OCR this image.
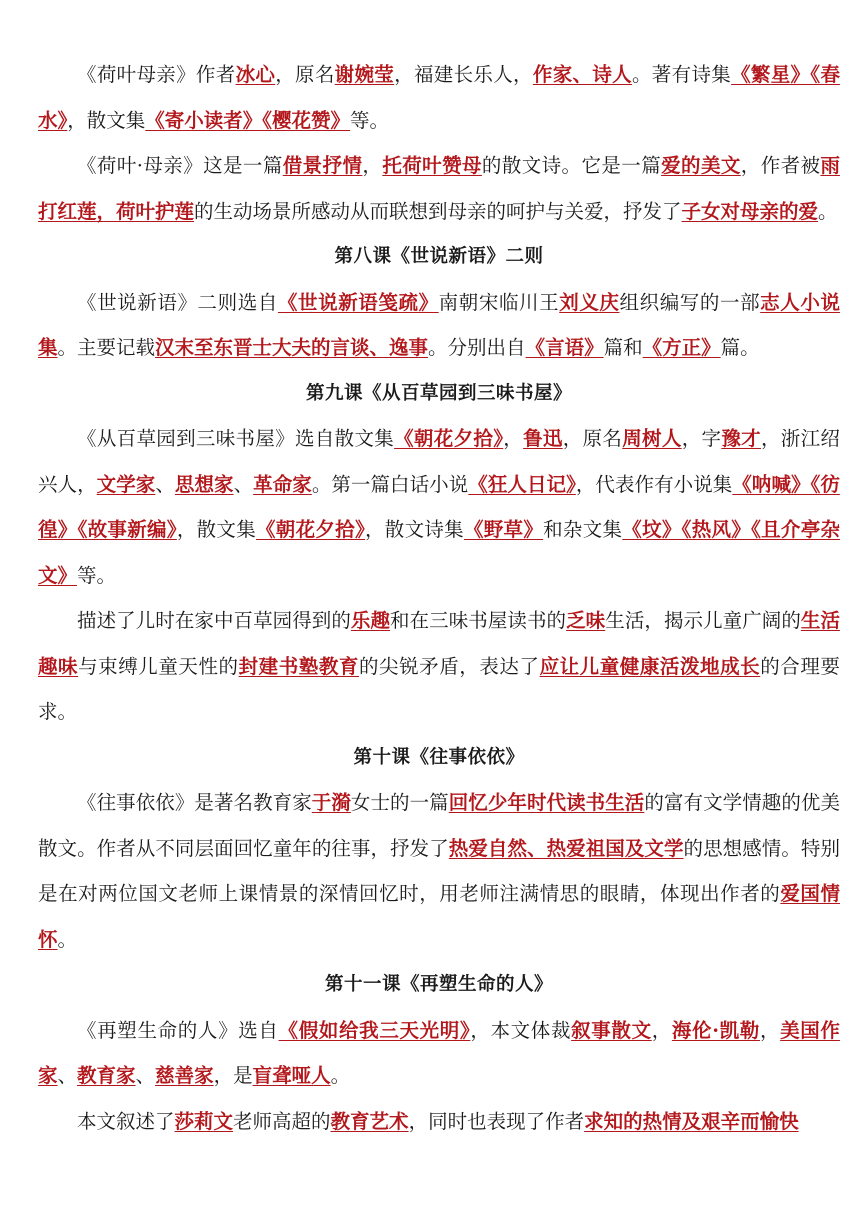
《荷叶母亲》作者冰心，原名谢婉莹，福建长乐人，作家、诗人。著有诗集《繁星》《春水》，散文集《寄小读者》《樱花赞》等。

《荷叶·母亲》这是一篇借景抒情，托荷叶赞母的散文诗。它是一篇爱的美文，作者被雨打红莲，荷叶护莲的生动场景所感动从而联想到母亲的呵护与关爱，抒发了子女对母亲的爱。

第八课《世说新语》二则

《世说新语》二则选自《世说新语笺疏》南朝宋临川王刘义庆组织编写的一部志人小说集。主要记载汉末至东晋士大夫的言谈、逸事。分别出自《言语》篇和《方正》篇。

第九课《从百草园到三味书屋》

《从百草园到三味书屋》选自散文集《朝花夕拾》，鲁迅，原名周树人，字豫才，浙江绍兴人，文学家、思想家、革命家。第一篇白话小说《狂人日记》，代表作有小说集《呐喊》《彷徨》《故事新编》，散文集《朝花夕拾》，散文诗集《野草》和杂文集《坟》《热风》《且介亭杂文》等。

描述了儿时在家中百草园得到的乐趣和在三味书屋读书的乏味生活，揭示儿童广阔的生活趣味与束缚儿童天性的封建书塾教育的尖锐矛盾，表达了应让儿童健康活泼地成长的合理要求。

第十课《往事依依》

《往事依依》是著名教育家于漪女士的一篇回忆少年时代读书生活的富有文学情趣的优美散文。作者从不同层面回忆童年的往事，抒发了热爱自然、热爱祖国及文学的思想感情。特别是在对两位国文老师上课情景的深情回忆时，用老师注满情思的眼睛，体现出作者的爱国情怀。

第十一课《再塑生命的人》

《再塑生命的人》选自《假如给我三天光明》，本文体裁叙事散文，海伦·凯勒，美国作家、教育家、慈善家，是盲聋哑人。

本文叙述了莎莉文老师高超的教育艺术，同时也表现了作者求知的热情及艰辛而愉快
